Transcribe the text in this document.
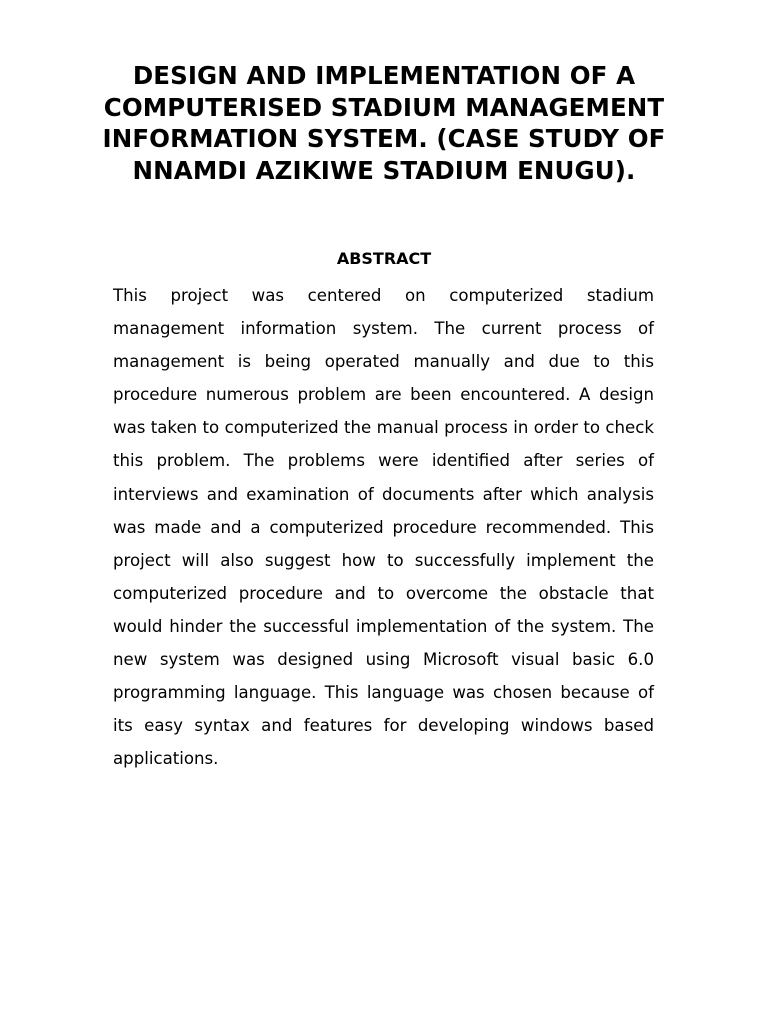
DESIGN AND IMPLEMENTATION OF A COMPUTERISED STADIUM MANAGEMENT INFORMATION SYSTEM. (CASE STUDY OF NNAMDI AZIKIWE STADIUM ENUGU).
ABSTRACT

This project was centered on computerized stadium management information system. The current process of management is being operated manually and due to this procedure numerous problem are been encountered. A design was taken to computerized the manual process in order to check this problem. The problems were identified after series of interviews and examination of documents after which analysis was made and a computerized procedure recommended. This project will also suggest how to successfully implement the computerized procedure and to overcome the obstacle that would hinder the successful implementation of the system. The new system was designed using Microsoft visual basic 6.0 programming language. This language was chosen because of its easy syntax and features for developing windows based applications.
